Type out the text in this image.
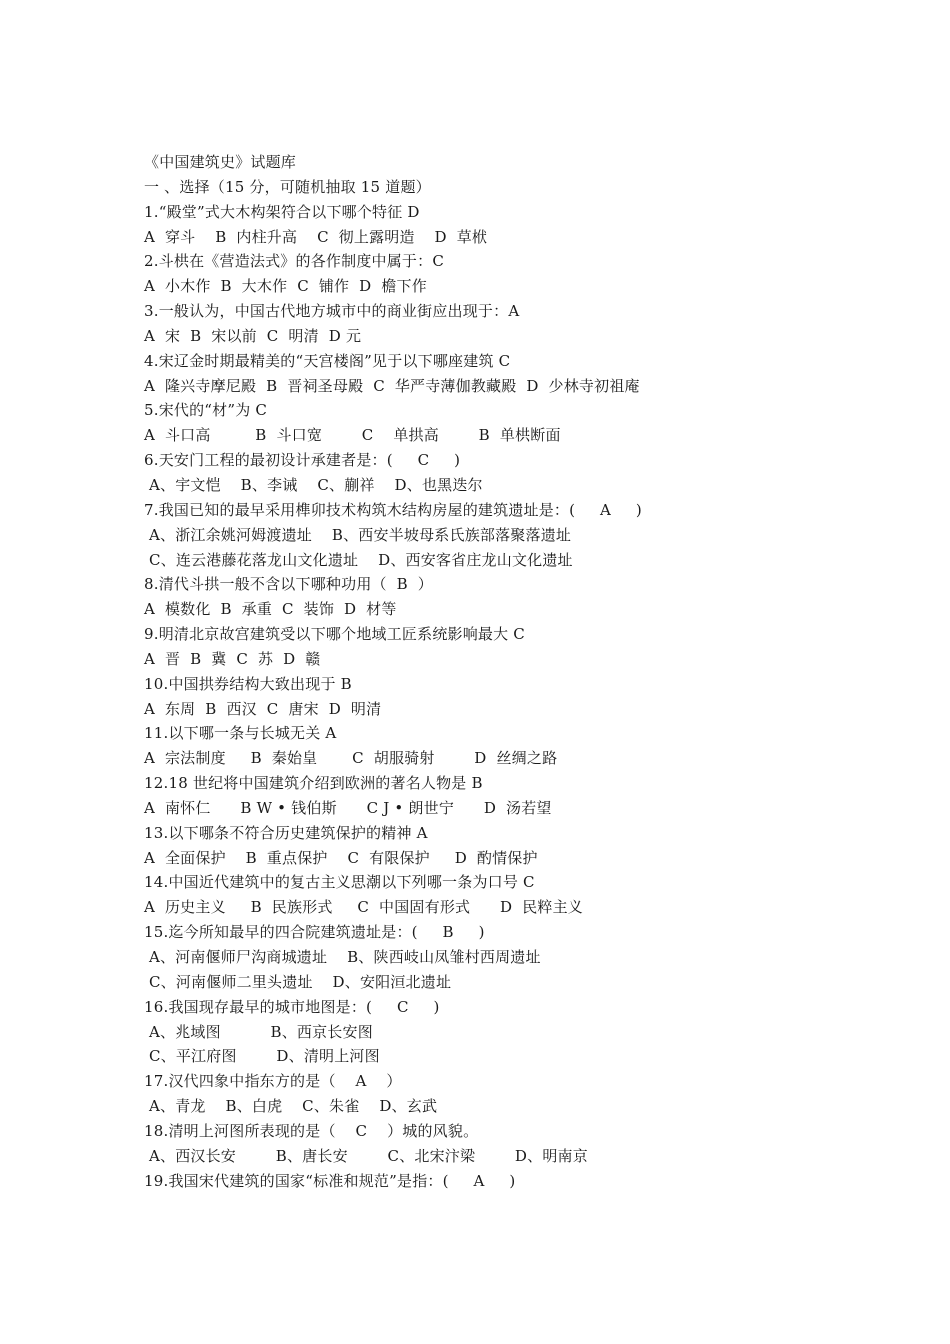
《中国建筑史》试题库
一 、选择（15 分，可随机抽取 15 道题）
1.“殿堂”式大木构架符合以下哪个特征 D
A  穿斗    B  内柱升高    C  彻上露明造    D  草栿
2.斗栱在《营造法式》的各作制度中属于：C
A  小木作  B  大木作  C  铺作  D  檐下作
3.一般认为，中国古代地方城市中的商业街应出现于：A
A  宋  B  宋以前  C  明清  D 元
4.宋辽金时期最精美的“天宫楼阁”见于以下哪座建筑 C
A  隆兴寺摩尼殿  B  晋祠圣母殿  C  华严寺薄伽教藏殿  D  少林寺初祖庵
5.宋代的“材”为 C
A  斗口高         B  斗口宽        C    单拱高        B  单栱断面
6.天安门工程的最初设计承建者是：(     C     )
A、宇文恺    B、李诫    C、蒯祥    D、也黑迭尔
7.我国已知的最早采用榫卯技术构筑木结构房屋的建筑遗址是：(     A     )
A、浙江余姚河姆渡遗址    B、西安半坡母系氏族部落聚落遗址
C、连云港藤花落龙山文化遗址    D、西安客省庄龙山文化遗址
8.清代斗拱一般不含以下哪种功用（  B  ）
A  模数化  B  承重  C  装饰  D  材等
9.明清北京故宫建筑受以下哪个地域工匠系统影响最大 C
A  晋  B  冀  C  苏  D  赣
10.中国拱券结构大致出现于 B
A  东周  B  西汉  C  唐宋  D  明清
11.以下哪一条与长城无关 A
A  宗法制度     B  秦始皇       C  胡服骑射        D  丝绸之路
12.18 世纪将中国建筑介绍到欧洲的著名人物是 B
A  南怀仁      B W • 钱伯斯      C J • 朗世宁      D  汤若望
13.以下哪条不符合历史建筑保护的精神 A
A  全面保护    B  重点保护    C  有限保护     D  酌情保护
14.中国近代建筑中的复古主义思潮以下列哪一条为口号 C
A  历史主义     B  民族形式     C  中国固有形式      D  民粹主义
15.迄今所知最早的四合院建筑遗址是：(     B     )
A、河南偃师尸沟商城遗址    B、陕西岐山凤雏村西周遗址
C、河南偃师二里头遗址    D、安阳洹北遗址
16.我国现存最早的城市地图是：(     C     )
A、兆域图          B、西京长安图
C、平江府图        D、清明上河图
17.汉代四象中指东方的是（    A    ）
A、青龙    B、白虎    C、朱雀    D、玄武
18.清明上河图所表现的是（    C    ）城的风貌。
A、西汉长安        B、唐长安        C、北宋汴梁        D、明南京
19.我国宋代建筑的国家“标准和规范”是指：(     A     )
